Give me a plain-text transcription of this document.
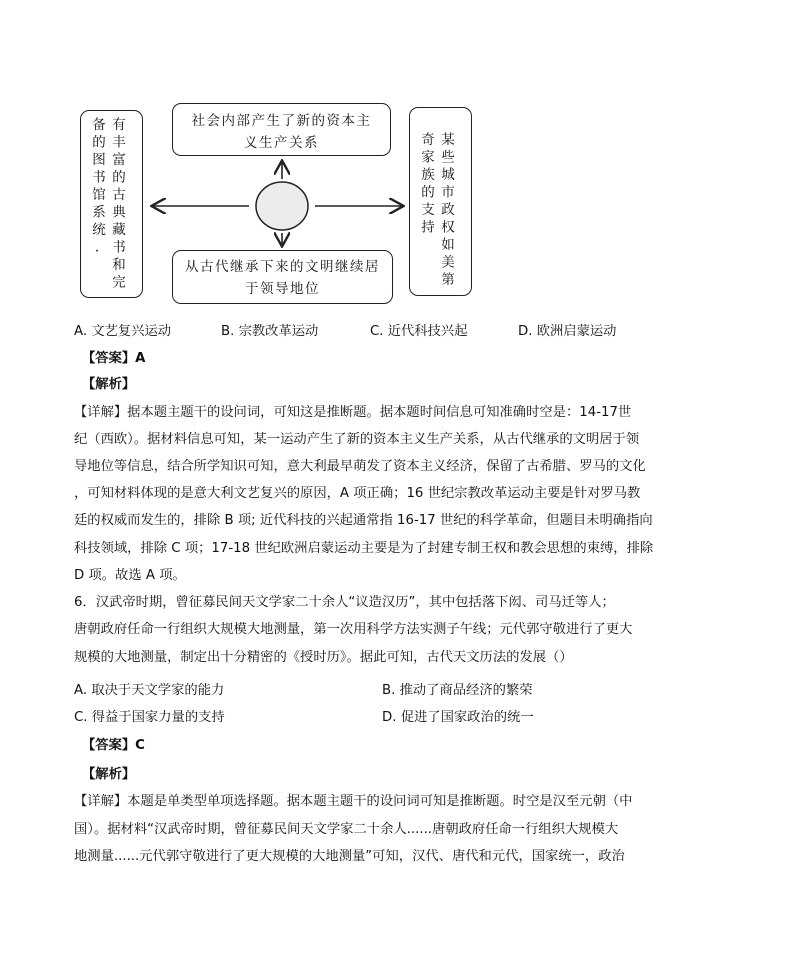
有丰富的古典藏书和完备的图书馆系统.	社会内部产生了新的资本主义生产关系
从古代继承下来的文明继续居于领导地位	某些城市政权如美第奇家族的支持
A. 文艺复兴运动	B. 宗教改革运动	C. 近代科技兴起	D. 欧洲启蒙运动
【答案】A
【解析】
【详解】据本题主题干的设问词，可知这是推断题。据本题时间信息可知准确时空是：14-17世
纪（西欧）。据材料信息可知，某一运动产生了新的资本主义生产关系，从古代继承的文明居于领
导地位等信息，结合所学知识可知，意大利最早萌发了资本主义经济，保留了古希腊、罗马的文化
，可知材料体现的是意大利文艺复兴的原因，A 项正确；16 世纪宗教改革运动主要是针对罗马教
廷的权威而发生的，排除 B 项; 近代科技的兴起通常指 16-17 世纪的科学革命，但题目未明确指向
科技领域，排除 C 项；17-18 世纪欧洲启蒙运动主要是为了封建专制王权和教会思想的束缚，排除
D 项。故选 A 项。
6．汉武帝时期，曾征募民间天文学家二十余人“议造汉历”，其中包括落下闳、司马迁等人；
唐朝政府任命一行组织大规模大地测量，第一次用科学方法实测子午线；元代郭守敬进行了更大
规模的大地测量，制定出十分精密的《授时历》。据此可知，古代天文历法的发展（）
A. 取决于天文学家的能力	B. 推动了商品经济的繁荣
C. 得益于国家力量的支持	D. 促进了国家政治的统一
【答案】C
【解析】
【详解】本题是单类型单项选择题。据本题主题干的设问词可知是推断题。时空是汉至元朝（中
国）。据材料“汉武帝时期，曾征募民间天文学家二十余人......唐朝政府任命一行组织大规模大
地测量......元代郭守敬进行了更大规模的大地测量”可知，汉代、唐代和元代，国家统一，政治
